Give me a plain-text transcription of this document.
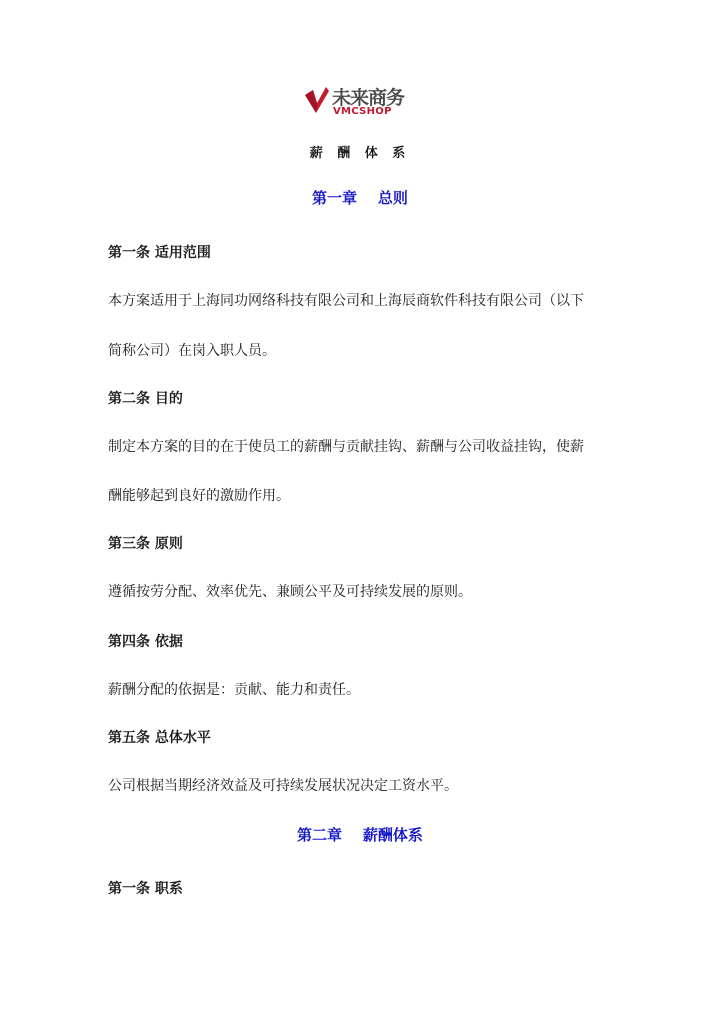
未来商务
VMCSHOP
薪 酬 体 系
第一章    总则
第一条 适用范围
本方案适用于上海同功网络科技有限公司和上海辰商软件科技有限公司（以下
简称公司）在岗入职人员。
第二条 目的
制定本方案的目的在于使员工的薪酬与贡献挂钩、薪酬与公司收益挂钩，使薪
酬能够起到良好的激励作用。
第三条 原则
遵循按劳分配、效率优先、兼顾公平及可持续发展的原则。
第四条 依据
薪酬分配的依据是：贡献、能力和责任。
第五条 总体水平
公司根据当期经济效益及可持续发展状况决定工资水平。
第二章    薪酬体系
第一条 职系
